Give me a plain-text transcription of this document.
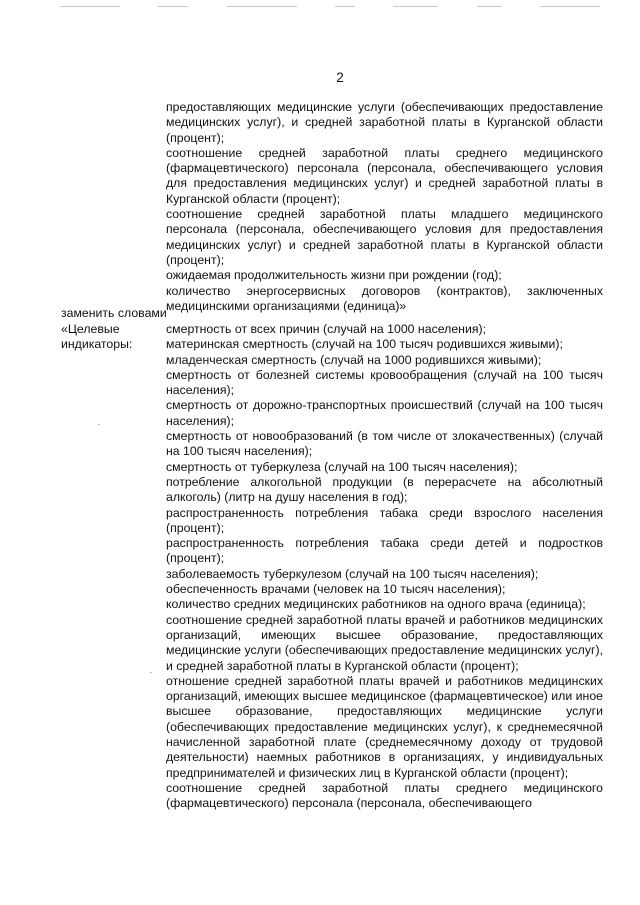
2

предоставляющих медицинские услуги (обеспечивающих предоставление медицинских услуг), и средней заработной платы в Курганской области (процент);

соотношение средней заработной платы среднего медицинского (фармацевтического) персонала (персонала, обеспечивающего условия для предоставления медицинских услуг) и средней заработной платы в Курганской области (процент);

соотношение средней заработной платы младшего медицинского персонала (персонала, обеспечивающего условия для предоставления медицинских услуг) и средней заработной платы в Курганской области (процент);

ожидаемая продолжительность жизни при рождении (год);

количество энергосервисных договоров (контрактов), заключенных медицинскими организациями (единица)»

заменить словами
«Целевые индикаторы:

смертность от всех причин (случай на 1000 населения);

материнская смертность (случай на 100 тысяч родившихся живыми);

младенческая смертность (случай на 1000 родившихся живыми);

смертность от болезней системы кровообращения (случай на 100 тысяч населения);

смертность от дорожно-транспортных происшествий (случай на 100 тысяч населения);

смертность от новообразований (в том числе от злокачественных) (случай на 100 тысяч населения);

смертность от туберкулеза (случай на 100 тысяч населения);

потребление алкогольной продукции (в перерасчете на абсолютный алкоголь) (литр на душу населения в год);

распространенность потребления табака среди взрослого населения (процент);

распространенность потребления табака среди детей и подростков (процент);

заболеваемость туберкулезом (случай на 100 тысяч населения);

обеспеченность врачами (человек на 10 тысяч населения);

количество средних медицинских работников на одного врача (единица);

соотношение средней заработной платы врачей и работников медицинских организаций, имеющих высшее образование, предоставляющих медицинские услуги (обеспечивающих предоставление медицинских услуг), и средней заработной платы в Курганской области (процент);

отношение средней заработной платы врачей и работников медицинских организаций, имеющих высшее медицинское (фармацевтическое) или иное высшее образование, предоставляющих медицинские услуги (обеспечивающих предоставление медицинских услуг), к среднемесячной начисленной заработной плате (среднемесячному доходу от трудовой деятельности) наемных работников в организациях, у индивидуальных предпринимателей и физических лиц в Курганской области (процент);

соотношение средней заработной платы среднего медицинского (фармацевтического) персонала (персонала, обеспечивающего
